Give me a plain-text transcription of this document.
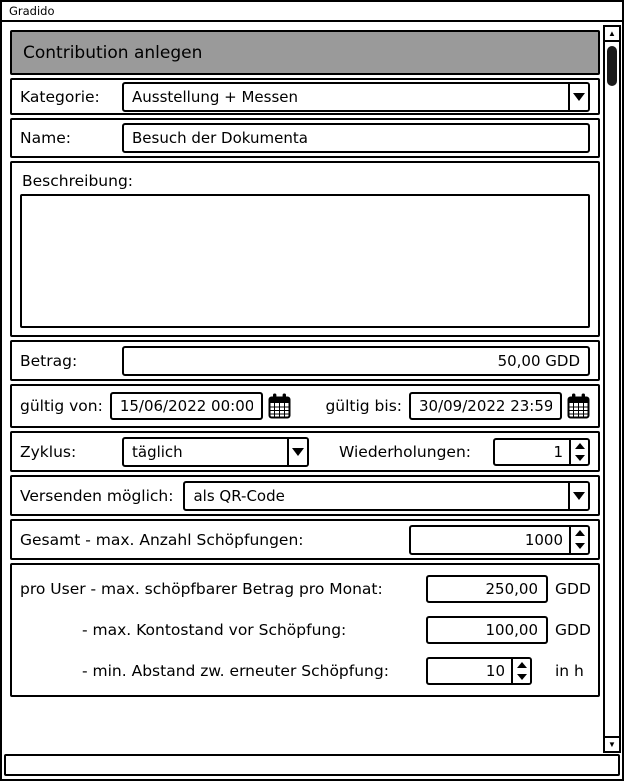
Gradido
Contribution anlegen
Kategorie:	Ausstellung + Messen
Name:
Besuch der Dokumenta
Beschreibung:
Betrag:
50,00 GDD
gültig von:
15/06/2022 00:00	gültig bis:
30/09/2022 23:59
Zyklus:	täglich	Wiederholungen:	1
Versenden möglich:	als QR-Code
Gesamt - max. Anzahl Schöpfungen:	1000
pro User - max. schöpfbarer Betrag pro Monat:
250,00	GDD
- max. Kontostand vor Schöpfung:
100,00	GDD
- min. Abstand zw. erneuter Schöpfung:	10	in h
▲
▼
